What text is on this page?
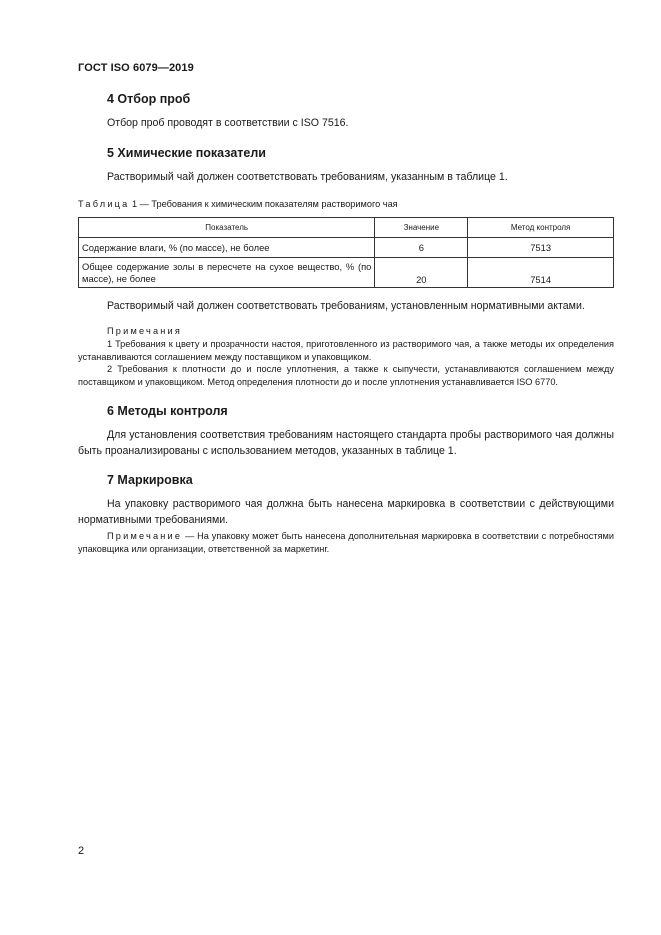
ГОСТ ISO 6079—2019
4 Отбор проб
Отбор проб проводят в соответствии с ISO 7516.
5 Химические показатели
Растворимый чай должен соответствовать требованиям, указанным в таблице 1.
Таблица 1 — Требования к химическим показателям растворимого чая
Показатель	Значение	Метод контроля
Содержание влаги, % (по массе), не более	6	7513
Общее содержание золы в пересчете на сухое вещество, % (по массе), не более	20	7514
Растворимый чай должен соответствовать требованиям, установленным нормативными актами.
Примечания
1 Требования к цвету и прозрачности настоя, приготовленного из растворимого чая, а также методы их определения устанавливаются соглашением между поставщиком и упаковщиком.
2 Требования к плотности до и после уплотнения, а также к сыпучести, устанавливаются соглашением между поставщиком и упаковщиком. Метод определения плотности до и после уплотнения устанавливается ISO 6770.
6 Методы контроля
Для установления соответствия требованиям настоящего стандарта пробы растворимого чая должны быть проанализированы с использованием методов, указанных в таблице 1.
7 Маркировка
На упаковку растворимого чая должна быть нанесена маркировка в соответствии с действующими нормативными требованиями.
Примечание — На упаковку может быть нанесена дополнительная маркировка в соответствии с потребностями упаковщика или организации, ответственной за маркетинг.
2
